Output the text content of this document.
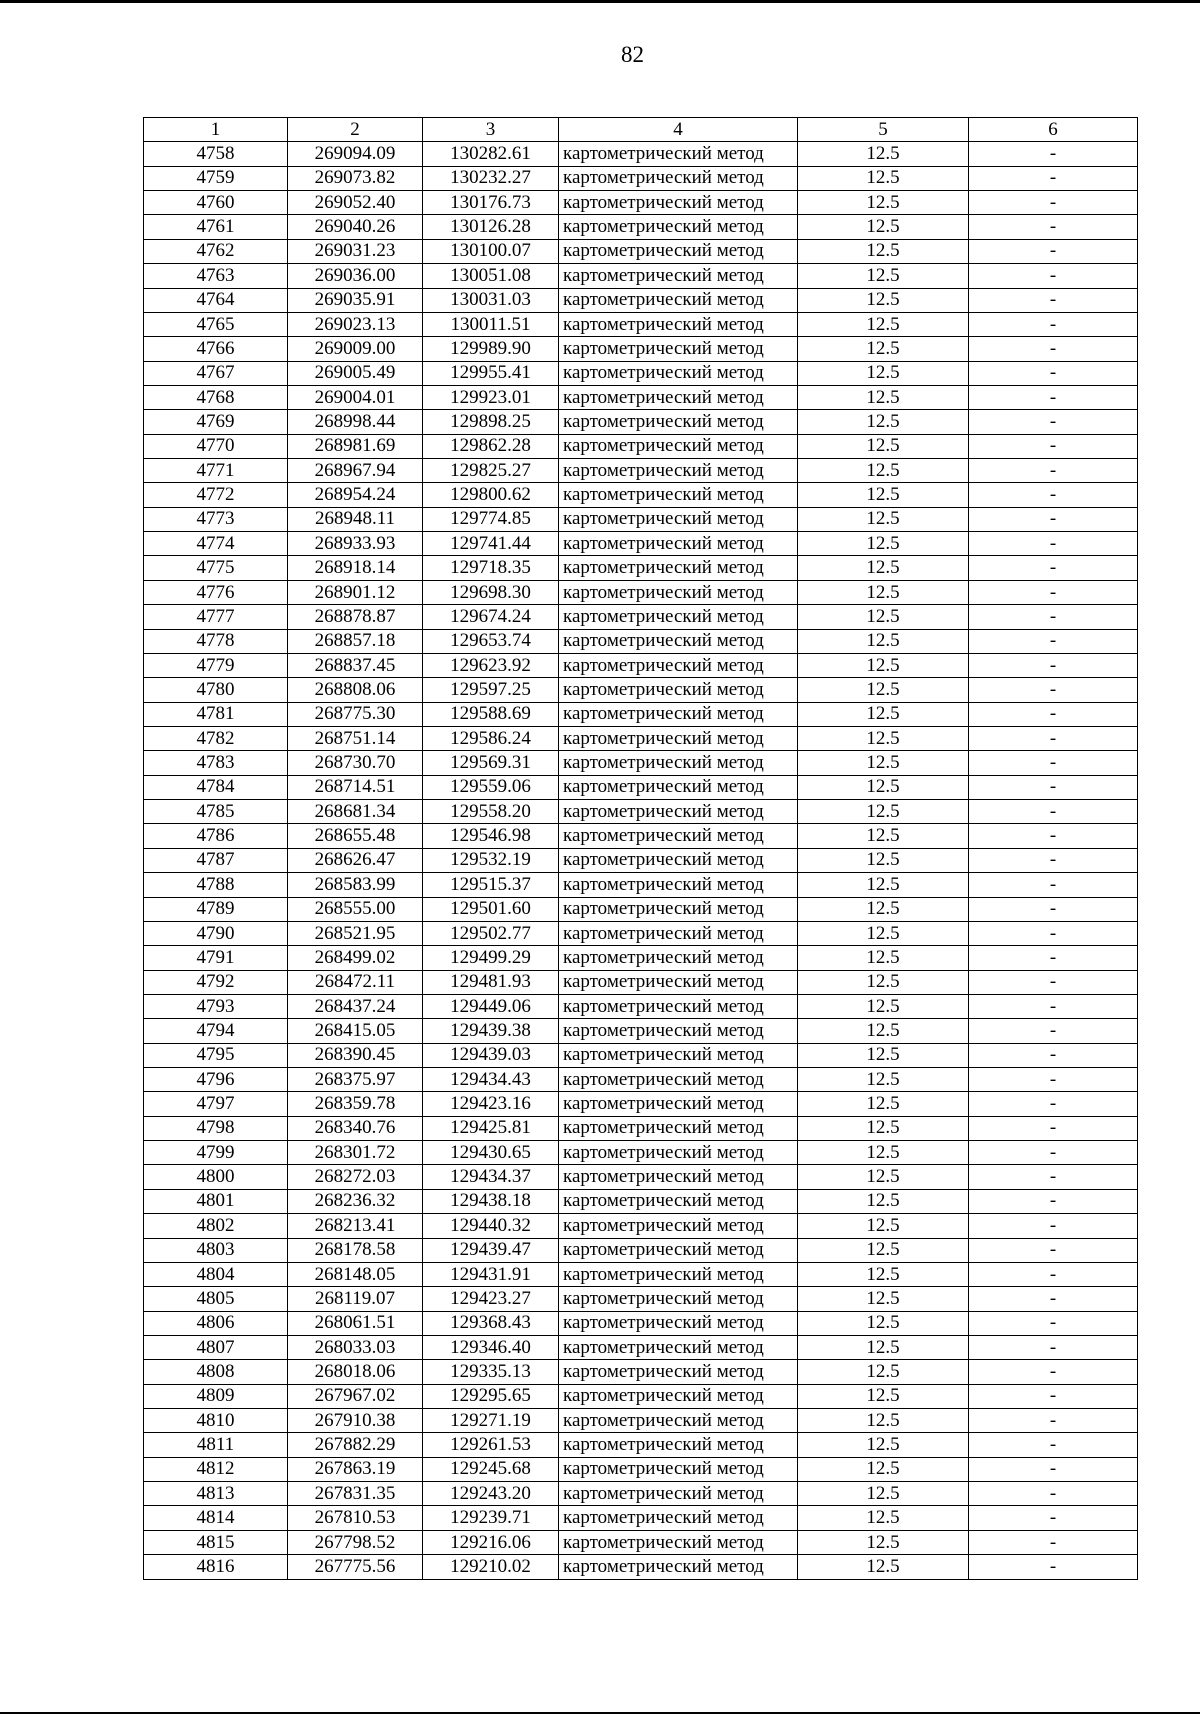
82
1	2	3	4	5	6
4758	269094.09	130282.61	картометрический метод	12.5	-
4759	269073.82	130232.27	картометрический метод	12.5	-
4760	269052.40	130176.73	картометрический метод	12.5	-
4761	269040.26	130126.28	картометрический метод	12.5	-
4762	269031.23	130100.07	картометрический метод	12.5	-
4763	269036.00	130051.08	картометрический метод	12.5	-
4764	269035.91	130031.03	картометрический метод	12.5	-
4765	269023.13	130011.51	картометрический метод	12.5	-
4766	269009.00	129989.90	картометрический метод	12.5	-
4767	269005.49	129955.41	картометрический метод	12.5	-
4768	269004.01	129923.01	картометрический метод	12.5	-
4769	268998.44	129898.25	картометрический метод	12.5	-
4770	268981.69	129862.28	картометрический метод	12.5	-
4771	268967.94	129825.27	картометрический метод	12.5	-
4772	268954.24	129800.62	картометрический метод	12.5	-
4773	268948.11	129774.85	картометрический метод	12.5	-
4774	268933.93	129741.44	картометрический метод	12.5	-
4775	268918.14	129718.35	картометрический метод	12.5	-
4776	268901.12	129698.30	картометрический метод	12.5	-
4777	268878.87	129674.24	картометрический метод	12.5	-
4778	268857.18	129653.74	картометрический метод	12.5	-
4779	268837.45	129623.92	картометрический метод	12.5	-
4780	268808.06	129597.25	картометрический метод	12.5	-
4781	268775.30	129588.69	картометрический метод	12.5	-
4782	268751.14	129586.24	картометрический метод	12.5	-
4783	268730.70	129569.31	картометрический метод	12.5	-
4784	268714.51	129559.06	картометрический метод	12.5	-
4785	268681.34	129558.20	картометрический метод	12.5	-
4786	268655.48	129546.98	картометрический метод	12.5	-
4787	268626.47	129532.19	картометрический метод	12.5	-
4788	268583.99	129515.37	картометрический метод	12.5	-
4789	268555.00	129501.60	картометрический метод	12.5	-
4790	268521.95	129502.77	картометрический метод	12.5	-
4791	268499.02	129499.29	картометрический метод	12.5	-
4792	268472.11	129481.93	картометрический метод	12.5	-
4793	268437.24	129449.06	картометрический метод	12.5	-
4794	268415.05	129439.38	картометрический метод	12.5	-
4795	268390.45	129439.03	картометрический метод	12.5	-
4796	268375.97	129434.43	картометрический метод	12.5	-
4797	268359.78	129423.16	картометрический метод	12.5	-
4798	268340.76	129425.81	картометрический метод	12.5	-
4799	268301.72	129430.65	картометрический метод	12.5	-
4800	268272.03	129434.37	картометрический метод	12.5	-
4801	268236.32	129438.18	картометрический метод	12.5	-
4802	268213.41	129440.32	картометрический метод	12.5	-
4803	268178.58	129439.47	картометрический метод	12.5	-
4804	268148.05	129431.91	картометрический метод	12.5	-
4805	268119.07	129423.27	картометрический метод	12.5	-
4806	268061.51	129368.43	картометрический метод	12.5	-
4807	268033.03	129346.40	картометрический метод	12.5	-
4808	268018.06	129335.13	картометрический метод	12.5	-
4809	267967.02	129295.65	картометрический метод	12.5	-
4810	267910.38	129271.19	картометрический метод	12.5	-
4811	267882.29	129261.53	картометрический метод	12.5	-
4812	267863.19	129245.68	картометрический метод	12.5	-
4813	267831.35	129243.20	картометрический метод	12.5	-
4814	267810.53	129239.71	картометрический метод	12.5	-
4815	267798.52	129216.06	картометрический метод	12.5	-
4816	267775.56	129210.02	картометрический метод	12.5	-
